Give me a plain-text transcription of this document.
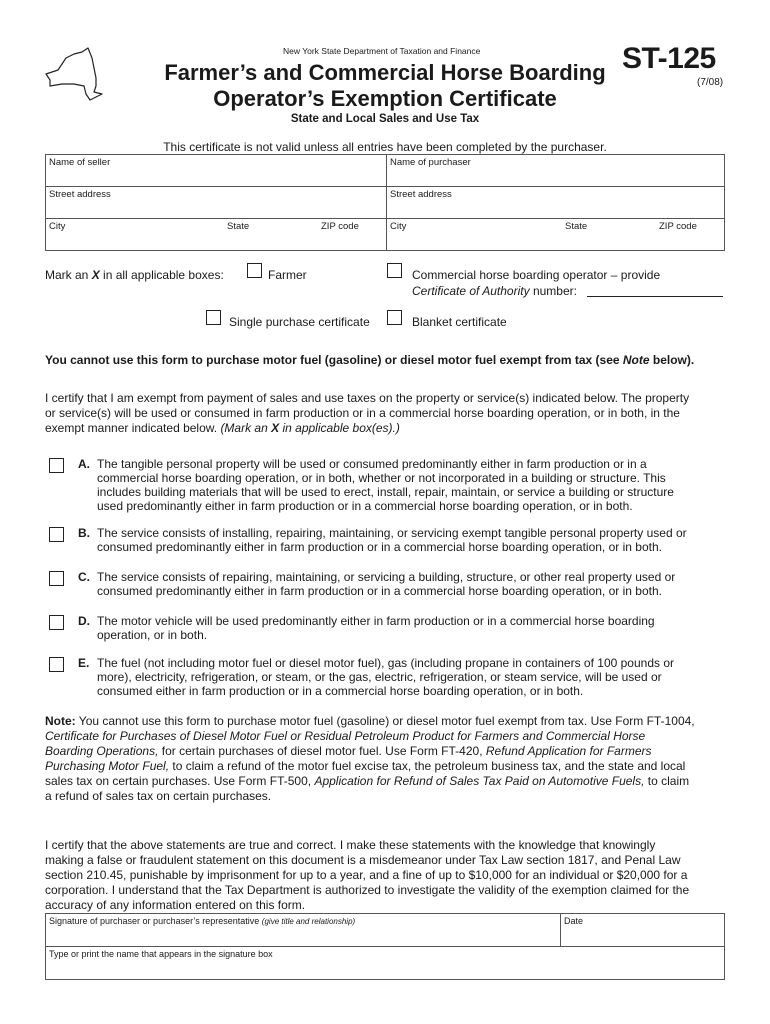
New York State Department of Taxation and Finance
Farmer’s and Commercial Horse Boarding
Operator’s Exemption Certificate
ST-125
(7/08)
State and Local Sales and Use Tax
This certificate is not valid unless all entries have been completed by the purchaser.
Name of seller	Name of purchaser
Street address	Street address
City State ZIP code	City State ZIP code
Mark an X in all applicable boxes:	Farmer	Commercial horse boarding operator – provide
Certificate of Authority number:
Single purchase certificate	Blanket certificate
You cannot use this form to purchase motor fuel (gasoline) or diesel motor fuel exempt from tax (see Note below).
I certify that I am exempt from payment of sales and use taxes on the property or service(s) indicated below. The property
or service(s) will be used or consumed in farm production or in a commercial horse boarding operation, or in both, in the
exempt manner indicated below. (Mark an X in applicable box(es).)
A. The tangible personal property will be used or consumed predominantly either in farm production or in a
commercial horse boarding operation, or in both, whether or not incorporated in a building or structure. This
includes building materials that will be used to erect, install, repair, maintain, or service a building or structure
used predominantly either in farm production or in a commercial horse boarding operation, or in both.
B. The service consists of installing, repairing, maintaining, or servicing exempt tangible personal property used or
consumed predominantly either in farm production or in a commercial horse boarding operation, or in both.
C. The service consists of repairing, maintaining, or servicing a building, structure, or other real property used or
consumed predominantly either in farm production or in a commercial horse boarding operation, or in both.
D. The motor vehicle will be used predominantly either in farm production or in a commercial horse boarding
operation, or in both.
E. The fuel (not including motor fuel or diesel motor fuel), gas (including propane in containers of 100 pounds or
more), electricity, refrigeration, or steam, or the gas, electric, refrigeration, or steam service, will be used or
consumed either in farm production or in a commercial horse boarding operation, or in both.
Note: You cannot use this form to purchase motor fuel (gasoline) or diesel motor fuel exempt from tax. Use Form FT-1004,
Certificate for Purchases of Diesel Motor Fuel or Residual Petroleum Product for Farmers and Commercial Horse
Boarding Operations, for certain purchases of diesel motor fuel. Use Form FT-420, Refund Application for Farmers
Purchasing Motor Fuel, to claim a refund of the motor fuel excise tax, the petroleum business tax, and the state and local
sales tax on certain purchases. Use Form FT-500, Application for Refund of Sales Tax Paid on Automotive Fuels, to claim
a refund of sales tax on certain purchases.
I certify that the above statements are true and correct. I make these statements with the knowledge that knowingly
making a false or fraudulent statement on this document is a misdemeanor under Tax Law section 1817, and Penal Law
section 210.45, punishable by imprisonment for up to a year, and a fine of up to $10,000 for an individual or $20,000 for a
corporation. I understand that the Tax Department is authorized to investigate the validity of the exemption claimed for the
accuracy of any information entered on this form.
Signature of purchaser or purchaser’s representative (give title and relationship)	Date
Type or print the name that appears in the signature box
